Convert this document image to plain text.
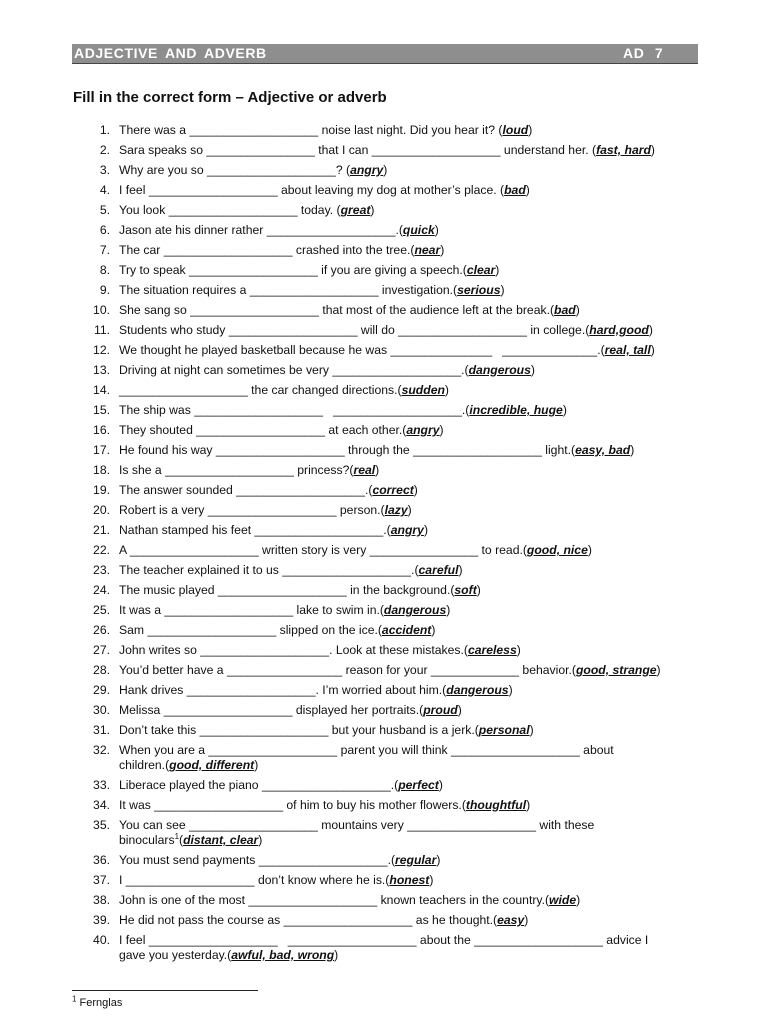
ADJECTIVE AND ADVERB	AD 7
Fill in the correct form – Adjective or adverb
1. There was a ___________________ noise last night. Did you hear it? (loud)
2. Sara speaks so ________________ that I can ___________________ understand her. (fast, hard)
3. Why are you so ___________________? (angry)
4. I feel ___________________ about leaving my dog at mother’s place. (bad)
5. You look ___________________ today. (great)
6. Jason ate his dinner rather ___________________.(quick)
7. The car ___________________ crashed into the tree.(near)
8. Try to speak ___________________ if you are giving a speech.(clear)
9. The situation requires a ___________________ investigation.(serious)
10. She sang so ___________________ that most of the audience left at the break.(bad)
11. Students who study ___________________ will do ___________________ in college.(hard,good)
12. We thought he played basketball because he was _______________   ______________.(real, tall)
13. Driving at night can sometimes be very ___________________.(dangerous)
14. ___________________ the car changed directions.(sudden)
15. The ship was ___________________   ___________________.(incredible, huge)
16. They shouted ___________________ at each other.(angry)
17. He found his way ___________________ through the ___________________ light.(easy, bad)
18. Is she a ___________________ princess?(real)
19. The answer sounded ___________________.(correct)
20. Robert is a very ___________________ person.(lazy)
21. Nathan stamped his feet ___________________.(angry)
22. A ___________________ written story is very ________________ to read.(good, nice)
23. The teacher explained it to us ___________________.(careful)
24. The music played ___________________ in the background.(soft)
25. It was a ___________________ lake to swim in.(dangerous)
26. Sam ___________________ slipped on the ice.(accident)
27. John writes so ___________________. Look at these mistakes.(careless)
28. You’d better have a _________________ reason for your _____________ behavior.(good, strange)
29. Hank drives ___________________. I’m worried about him.(dangerous)
30. Melissa ___________________ displayed her portraits.(proud)
31. Don’t take this ___________________ but your husband is a jerk.(personal)
32. When you are a ___________________ parent you will think ___________________ about
children.(good, different)
33. Liberace played the piano ___________________.(perfect)
34. It was ___________________ of him to buy his mother flowers.(thoughtful)
35. You can see ___________________ mountains very ___________________ with these
binoculars$^1$(distant, clear)
36. You must send payments ___________________.(regular)
37. I ___________________ don’t know where he is.(honest)
38. John is one of the most ___________________ known teachers in the country.(wide)
39. He did not pass the course as ___________________ as he thought.(easy)
40. I feel ___________________   ___________________ about the ___________________ advice I
gave you yesterday.(awful, bad, wrong)
$^1$ Fernglas
